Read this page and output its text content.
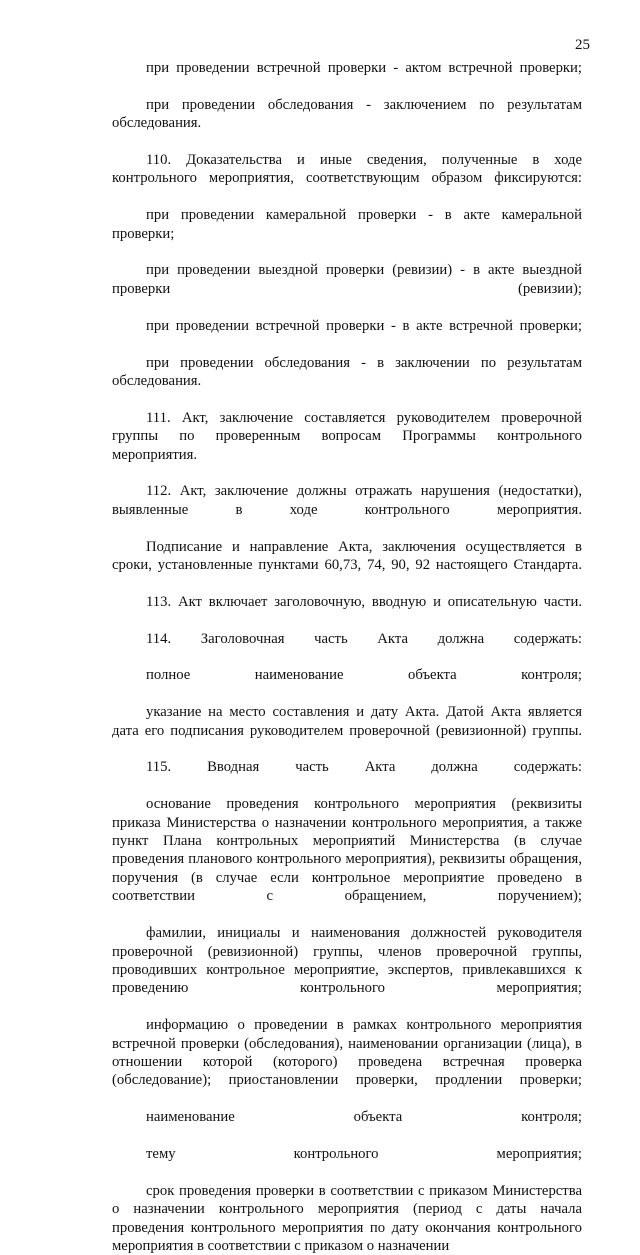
25

при проведении встречной проверки - актом встречной проверки;

при проведении обследования - заключением по результатам обследования.

110. Доказательства и иные сведения, полученные в ходе контрольного мероприятия, соответствующим образом фиксируются:

при проведении камеральной проверки - в акте камеральной проверки;

при проведении выездной проверки (ревизии) - в акте выездной проверки (ревизии);

при проведении встречной проверки - в акте встречной проверки;

при проведении обследования - в заключении по результатам обследования.

111. Акт, заключение составляется руководителем проверочной группы по проверенным вопросам Программы контрольного мероприятия.

112. Акт, заключение должны отражать нарушения (недостатки), выявленные в ходе контрольного мероприятия.

Подписание и направление Акта, заключения осуществляется в сроки, установленные пунктами 60,73, 74, 90, 92 настоящего Стандарта.

113. Акт включает заголовочную, вводную и описательную части.

114. Заголовочная часть Акта должна содержать:

полное наименование объекта контроля;

указание на место составления и дату Акта. Датой Акта является дата его подписания руководителем проверочной (ревизионной) группы.

115. Вводная часть Акта должна содержать:

основание проведения контрольного мероприятия (реквизиты приказа Министерства о назначении контрольного мероприятия, а также пункт Плана контрольных мероприятий Министерства (в случае проведения планового контрольного мероприятия), реквизиты обращения, поручения (в случае если контрольное мероприятие проведено в соответствии с обращением, поручением);

фамилии, инициалы и наименования должностей руководителя проверочной (ревизионной) группы, членов проверочной группы, проводивших контрольное мероприятие, экспертов, привлекавшихся к проведению контрольного мероприятия;

информацию о проведении в рамках контрольного мероприятия встречной проверки (обследования), наименовании организации (лица), в отношении которой (которого) проведена встречная проверка (обследование); приостановлении проверки, продлении проверки;

наименование объекта контроля;

тему контрольного мероприятия;

срок проведения проверки в соответствии с приказом Министерства о назначении контрольного мероприятия (период с даты начала проведения контрольного мероприятия по дату окончания контрольного мероприятия в соответствии с приказом о назначении
